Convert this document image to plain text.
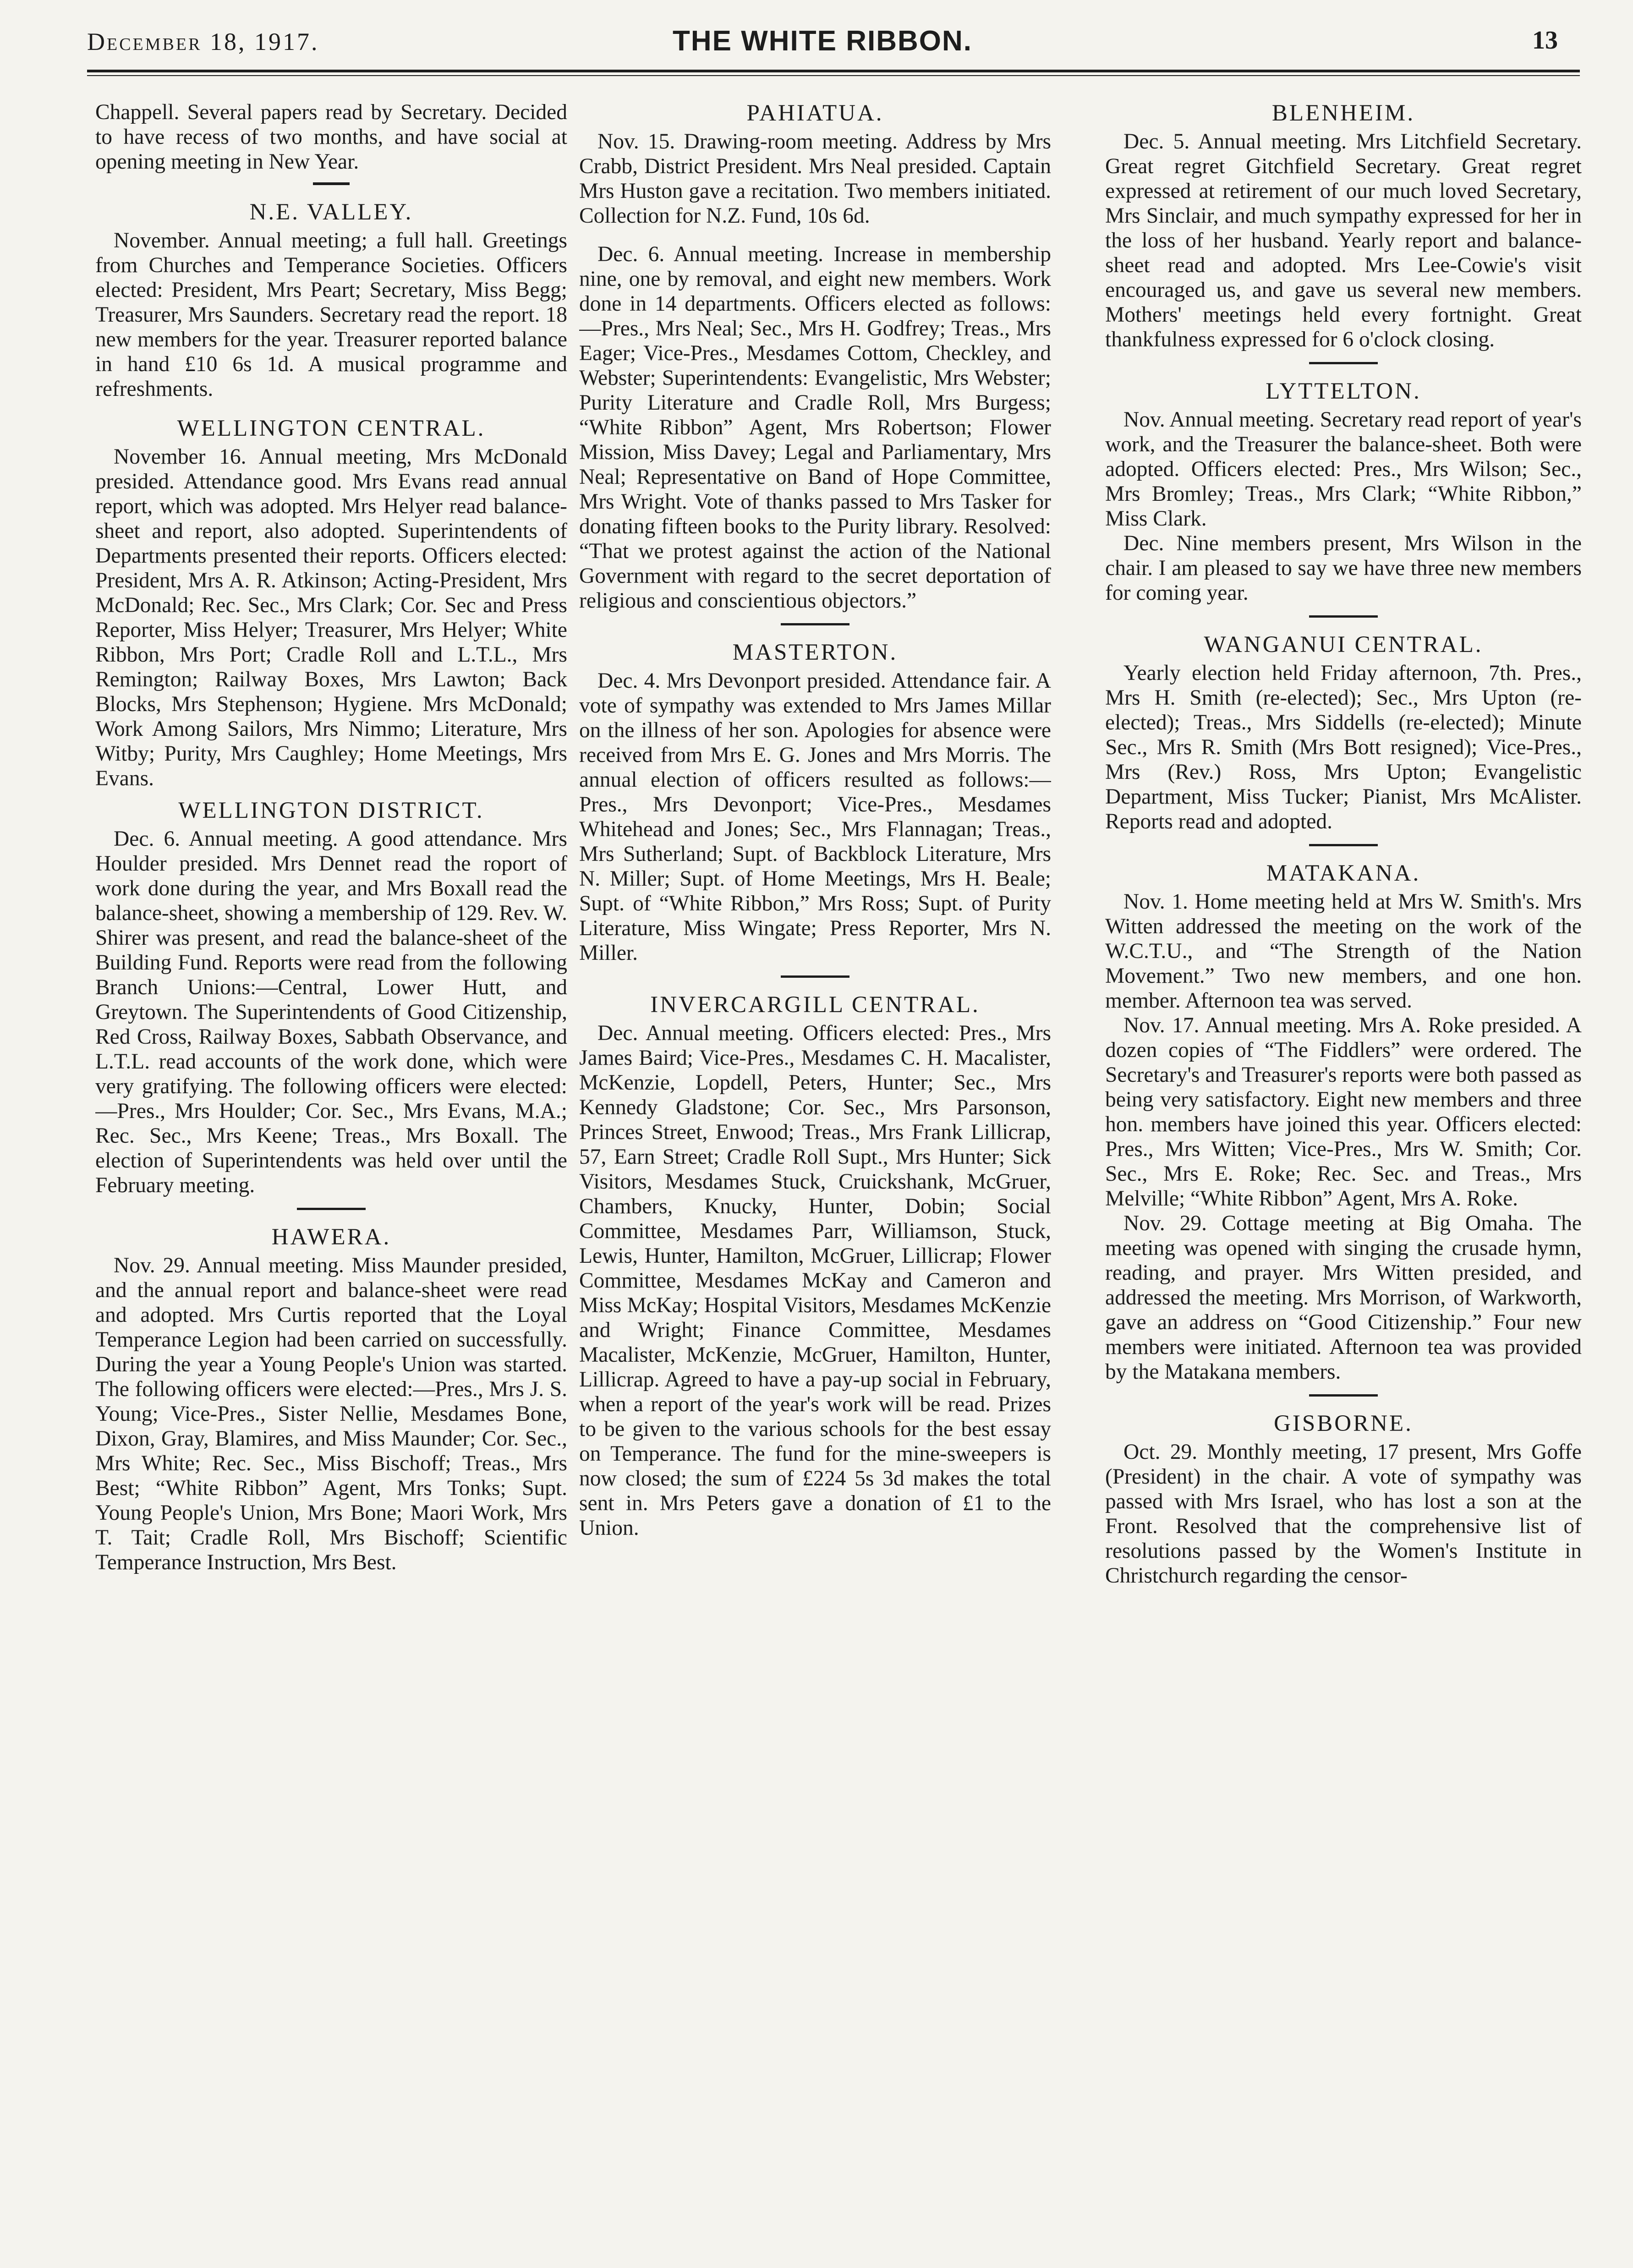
December 18, 1917.	THE WHITE RIBBON.	13

Chappell. Several papers read by Secretary. Decided to have recess of two months, and have social at opening meeting in New Year.

N.E. VALLEY.

November. Annual meeting; a full hall. Greetings from Churches and Temperance Societies. Officers elected: President, Mrs Peart; Secretary, Miss Begg; Treasurer, Mrs Saunders. Secretary read the report. 18 new members for the year. Treasurer reported balance in hand £10 6s 1d. A musical programme and refreshments.

WELLINGTON CENTRAL.

November 16. Annual meeting, Mrs McDonald presided. Attendance good. Mrs Evans read annual report, which was adopted. Mrs Helyer read balance-sheet and report, also adopted. Superintendents of Departments presented their reports. Officers elected: President, Mrs A. R. Atkinson; Acting-President, Mrs McDonald; Rec. Sec., Mrs Clark; Cor. Sec and Press Reporter, Miss Helyer; Treasurer, Mrs Helyer; White Ribbon, Mrs Port; Cradle Roll and L.T.L., Mrs Remington; Railway Boxes, Mrs Lawton; Back Blocks, Mrs Stephenson; Hygiene. Mrs McDonald; Work Among Sailors, Mrs Nimmo; Literature, Mrs Witby; Purity, Mrs Caughley; Home Meetings, Mrs Evans.

WELLINGTON DISTRICT.

Dec. 6. Annual meeting. A good attendance. Mrs Houlder presided. Mrs Dennet read the roport of work done during the year, and Mrs Boxall read the balance-sheet, showing a membership of 129. Rev. W. Shirer was present, and read the balance-sheet of the Building Fund. Reports were read from the following Branch Unions:—Central, Lower Hutt, and Greytown. The Superintendents of Good Citizenship, Red Cross, Railway Boxes, Sabbath Observance, and L.T.L. read accounts of the work done, which were very gratifying. The following officers were elected:—Pres., Mrs Houlder; Cor. Sec., Mrs Evans, M.A.; Rec. Sec., Mrs Keene; Treas., Mrs Boxall. The election of Superintendents was held over until the February meeting.

HAWERA.

Nov. 29. Annual meeting. Miss Maunder presided, and the annual report and balance-sheet were read and adopted. Mrs Curtis reported that the Loyal Temperance Legion had been carried on successfully. During the year a Young People's Union was started. The following officers were elected:—Pres., Mrs J. S. Young; Vice-Pres., Sister Nellie, Mesdames Bone, Dixon, Gray, Blamires, and Miss Maunder; Cor. Sec., Mrs White; Rec. Sec., Miss Bischoff; Treas., Mrs Best; “White Ribbon” Agent, Mrs Tonks; Supt. Young People's Union, Mrs Bone; Maori Work, Mrs T. Tait; Cradle Roll, Mrs Bischoff; Scientific Temperance Instruction, Mrs Best.

PAHIATUA.

Nov. 15. Drawing-room meeting. Address by Mrs Crabb, District President. Mrs Neal presided. Captain Mrs Huston gave a recitation. Two members initiated. Collection for N.Z. Fund, 10s 6d.

Dec. 6. Annual meeting. Increase in membership nine, one by removal, and eight new members. Work done in 14 departments. Officers elected as follows:—Pres., Mrs Neal; Sec., Mrs H. Godfrey; Treas., Mrs Eager; Vice-Pres., Mesdames Cottom, Checkley, and Webster; Superintendents: Evangelistic, Mrs Webster; Purity Literature and Cradle Roll, Mrs Burgess; “White Ribbon” Agent, Mrs Robertson; Flower Mission, Miss Davey; Legal and Parliamentary, Mrs Neal; Representative on Band of Hope Committee, Mrs Wright. Vote of thanks passed to Mrs Tasker for donating fifteen books to the Purity library. Resolved: “That we protest against the action of the National Government with regard to the secret deportation of religious and conscientious objectors.”

MASTERTON.

Dec. 4. Mrs Devonport presided. Attendance fair. A vote of sympathy was extended to Mrs James Millar on the illness of her son. Apologies for absence were received from Mrs E. G. Jones and Mrs Morris. The annual election of officers resulted as follows:—Pres., Mrs Devonport; Vice-Pres., Mesdames Whitehead and Jones; Sec., Mrs Flannagan; Treas., Mrs Sutherland; Supt. of Backblock Literature, Mrs N. Miller; Supt. of Home Meetings, Mrs H. Beale; Supt. of “White Ribbon,” Mrs Ross; Supt. of Purity Literature, Miss Wingate; Press Reporter, Mrs N. Miller.

INVERCARGILL CENTRAL.

Dec. Annual meeting. Officers elected: Pres., Mrs James Baird; Vice-Pres., Mesdames C. H. Macalister, McKenzie, Lopdell, Peters, Hunter; Sec., Mrs Kennedy Gladstone; Cor. Sec., Mrs Parsonson, Princes Street, Enwood; Treas., Mrs Frank Lillicrap, 57, Earn Street; Cradle Roll Supt., Mrs Hunter; Sick Visitors, Mesdames Stuck, Cruickshank, McGruer, Chambers, Knucky, Hunter, Dobin; Social Committee, Mesdames Parr, Williamson, Stuck, Lewis, Hunter, Hamilton, McGruer, Lillicrap; Flower Committee, Mesdames McKay and Cameron and Miss McKay; Hospital Visitors, Mesdames McKenzie and Wright; Finance Committee, Mesdames Macalister, McKenzie, McGruer, Hamilton, Hunter, Lillicrap. Agreed to have a pay-up social in February, when a report of the year's work will be read. Prizes to be given to the various schools for the best essay on Temperance. The fund for the mine-sweepers is now closed; the sum of £224 5s 3d makes the total sent in. Mrs Peters gave a donation of £1 to the Union.

BLENHEIM.

Dec. 5. Annual meeting. Mrs Litchfield Secretary. Great regret Gitchfield Secretary. Great regret expressed at retirement of our much loved Secretary, Mrs Sinclair, and much sympathy expressed for her in the loss of her husband. Yearly report and balance-sheet read and adopted. Mrs Lee-Cowie's visit encouraged us, and gave us several new members. Mothers' meetings held every fortnight. Great thankfulness expressed for 6 o'clock closing.

LYTTELTON.

Nov. Annual meeting. Secretary read report of year's work, and the Treasurer the balance-sheet. Both were adopted. Officers elected: Pres., Mrs Wilson; Sec., Mrs Bromley; Treas., Mrs Clark; “White Ribbon,” Miss Clark.

Dec. Nine members present, Mrs Wilson in the chair. I am pleased to say we have three new members for coming year.

WANGANUI CENTRAL.

Yearly election held Friday afternoon, 7th. Pres., Mrs H. Smith (re-elected); Sec., Mrs Upton (re-elected); Treas., Mrs Siddells (re-elected); Minute Sec., Mrs R. Smith (Mrs Bott resigned); Vice-Pres., Mrs (Rev.) Ross, Mrs Upton; Evangelistic Department, Miss Tucker; Pianist, Mrs McAlister. Reports read and adopted.

MATAKANA.

Nov. 1. Home meeting held at Mrs W. Smith's. Mrs Witten addressed the meeting on the work of the W.C.T.U., and “The Strength of the Nation Movement.” Two new members, and one hon. member. Afternoon tea was served.

Nov. 17. Annual meeting. Mrs A. Roke presided. A dozen copies of “The Fiddlers” were ordered. The Secretary's and Treasurer's reports were both passed as being very satisfactory. Eight new members and three hon. members have joined this year. Officers elected: Pres., Mrs Witten; Vice-Pres., Mrs W. Smith; Cor. Sec., Mrs E. Roke; Rec. Sec. and Treas., Mrs Melville; “White Ribbon” Agent, Mrs A. Roke.

Nov. 29. Cottage meeting at Big Omaha. The meeting was opened with singing the crusade hymn, reading, and prayer. Mrs Witten presided, and addressed the meeting. Mrs Morrison, of Warkworth, gave an address on “Good Citizenship.” Four new members were initiated. Afternoon tea was provided by the Matakana members.

GISBORNE.

Oct. 29. Monthly meeting, 17 present, Mrs Goffe (President) in the chair. A vote of sympathy was passed with Mrs Israel, who has lost a son at the Front. Resolved that the comprehensive list of resolutions passed by the Women's Institute in Christchurch regarding the censor-
